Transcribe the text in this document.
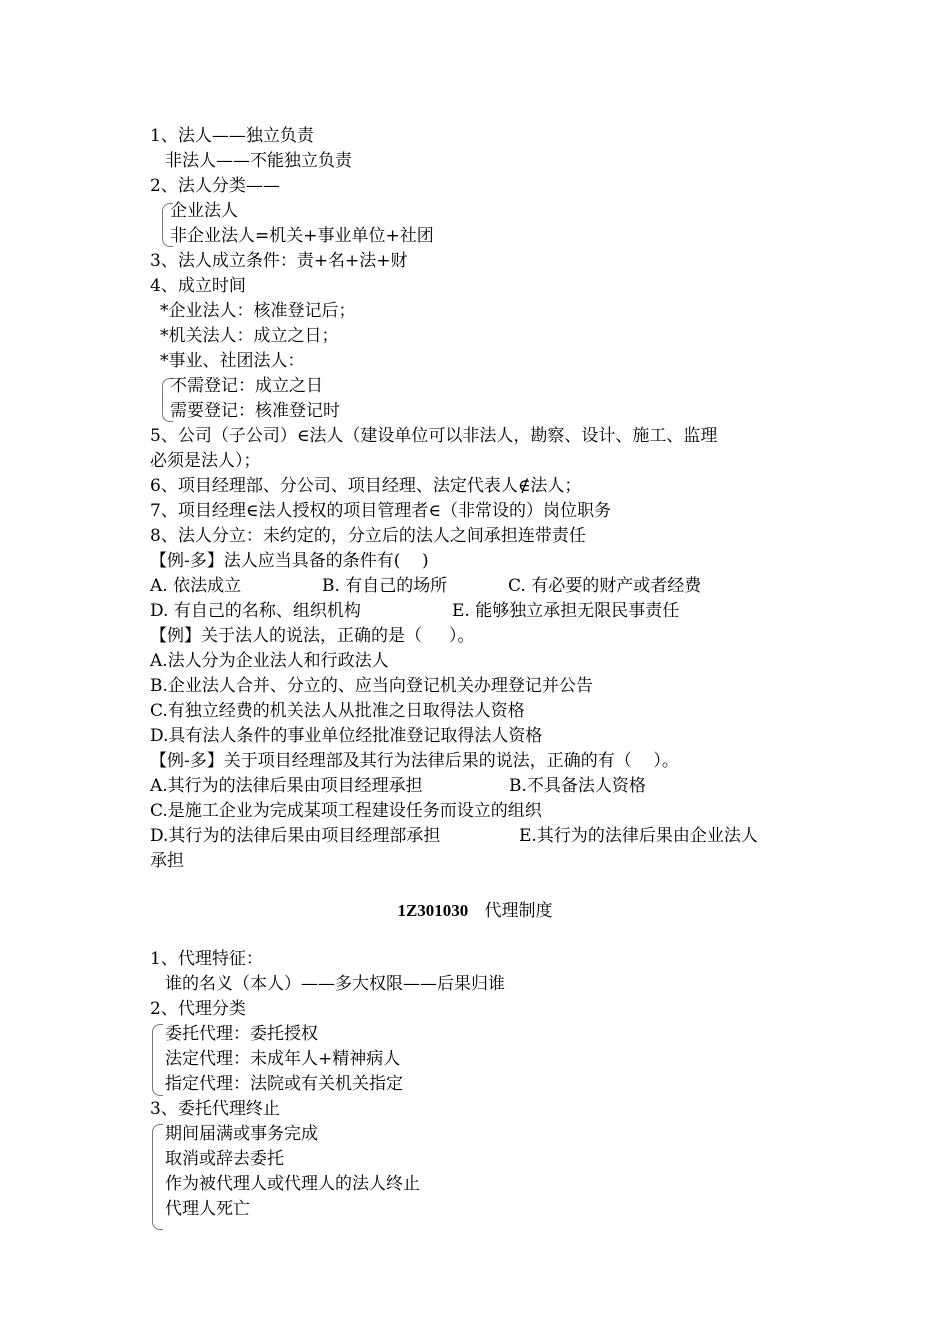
1、法人——独立负责
非法人——不能独立负责
2、法人分类——
企业法人
非企业法人=机关+事业单位+社团
3、法人成立条件：责+名+法+财
4、成立时间
*企业法人：核准登记后；
*机关法人：成立之日；
*事业、社团法人：
不需登记：成立之日
需要登记：核准登记时
5、公司（子公司）∈法人（建设单位可以非法人，勘察、设计、施工、监理
必须是法人）；
6、项目经理部、分公司、项目经理、法定代表人∉法人；
7、项目经理∈法人授权的项目管理者∈（非常设的）岗位职务
8、法人分立：未约定的，分立后的法人之间承担连带责任
【例-多】法人应当具备的条件有(    )
A. 依法成立	B. 有自己的场所	C. 有必要的财产或者经费
D. 有自己的名称、组织机构	E. 能够独立承担无限民事责任
【例】关于法人的说法，正确的是（     ）。
A.法人分为企业法人和行政法人
B.企业法人合并、分立的、应当向登记机关办理登记并公告
C.有独立经费的机关法人从批准之日取得法人资格
D.具有法人条件的事业单位经批准登记取得法人资格
【例-多】关于项目经理部及其行为法律后果的说法，正确的有（    ）。
A.其行为的法律后果由项目经理承担	B.不具备法人资格
C.是施工企业为完成某项工程建设任务而设立的组织
D.其行为的法律后果由项目经理部承担	E.其行为的法律后果由企业法人
承担
1Z301030 代理制度
1、代理特征：
谁的名义（本人）——多大权限——后果归谁
2、代理分类
委托代理：委托授权
法定代理：未成年人+精神病人
指定代理：法院或有关机关指定
3、委托代理终止
期间届满或事务完成
取消或辞去委托
作为被代理人或代理人的法人终止
代理人死亡
